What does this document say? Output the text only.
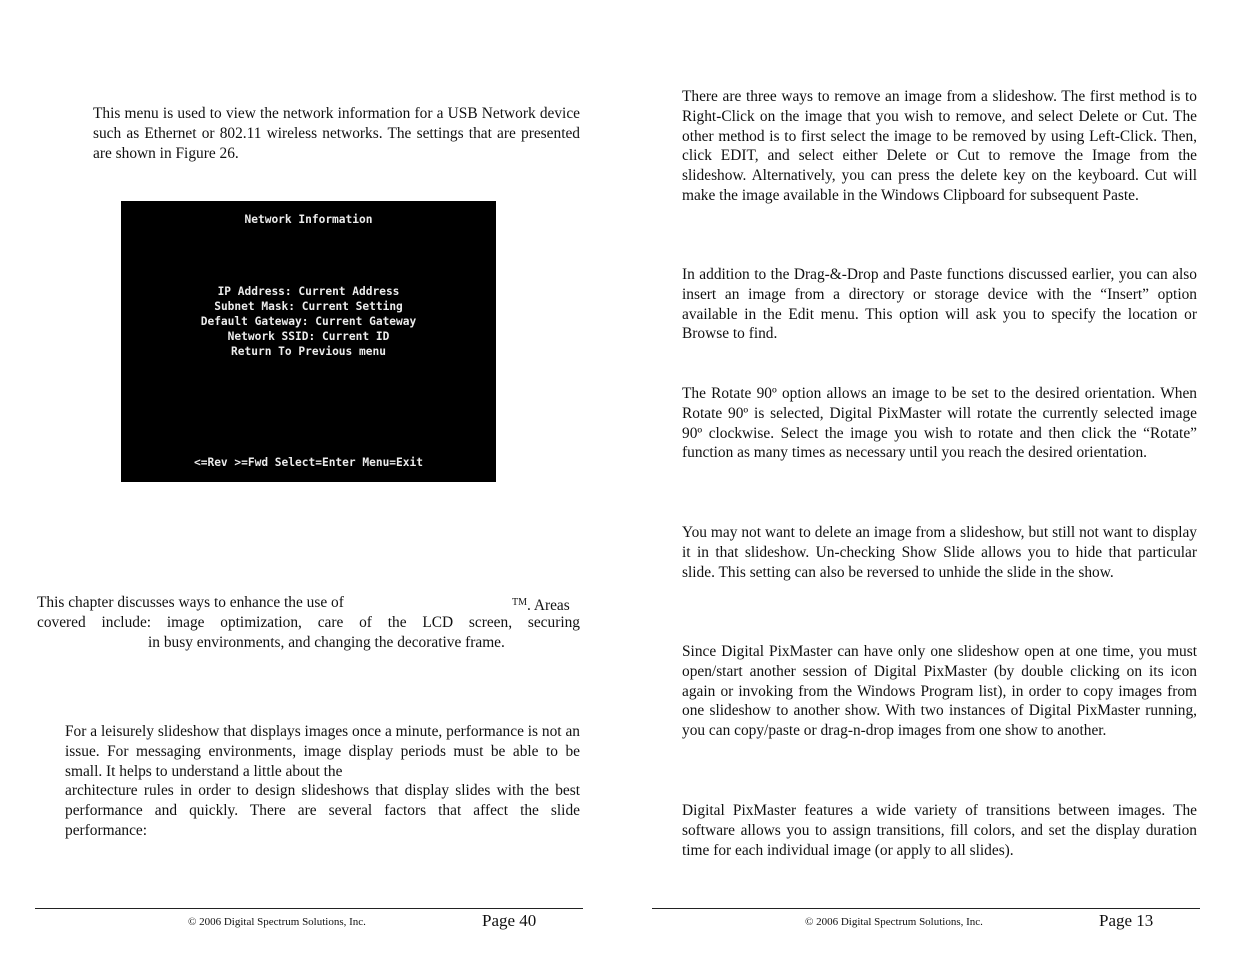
This menu is used to view the network information for a USB Network device such as Ethernet or 802.11 wireless networks. The settings that are presented are shown in Figure 26.

Network Information
IP Address: Current Address
Subnet Mask: Current Setting
Default Gateway: Current Gateway
Network SSID: Current ID
Return To Previous menu
<=Rev >=Fwd Select=Enter Menu=Exit

This chapter discusses ways to enhance the use of	™. Areas

covered include: image optimization, care of the LCD screen, securing

in busy environments, and changing the decorative frame.

For a leisurely slideshow that displays images once a minute, performance is not an issue. For messaging environments, image display periods must be able to be small. It helps to understand a little about the

architecture rules in order to design slideshows that display slides with the best performance and quickly. There are several factors that affect the slide performance:

© 2006 Digital Spectrum Solutions, Inc.	Page 40

There are three ways to remove an image from a slideshow. The first method is to Right-Click on the image that you wish to remove, and select Delete or Cut. The other method is to first select the image to be removed by using Left-Click. Then, click EDIT, and select either Delete or Cut to remove the Image from the slideshow. Alternatively, you can press the delete key on the keyboard. Cut will make the image available in the Windows Clipboard for subsequent Paste.

In addition to the Drag-&-Drop and Paste functions discussed earlier, you can also insert an image from a directory or storage device with the “Insert” option available in the Edit menu. This option will ask you to specify the location or Browse to find.

The Rotate 90º option allows an image to be set to the desired orientation. When Rotate 90º is selected, Digital PixMaster will rotate the currently selected image 90º clockwise. Select the image you wish to rotate and then click the “Rotate” function as many times as necessary until you reach the desired orientation.

You may not want to delete an image from a slideshow, but still not want to display it in that slideshow. Un-checking Show Slide allows you to hide that particular slide. This setting can also be reversed to unhide the slide in the show.

Since Digital PixMaster can have only one slideshow open at one time, you must open/start another session of Digital PixMaster (by double clicking on its icon again or invoking from the Windows Program list), in order to copy images from one slideshow to another show. With two instances of Digital PixMaster running, you can copy/paste or drag-n-drop images from one show to another.

Digital PixMaster features a wide variety of transitions between images. The software allows you to assign transitions, fill colors, and set the display duration time for each individual image (or apply to all slides).

© 2006 Digital Spectrum Solutions, Inc.	Page 13
